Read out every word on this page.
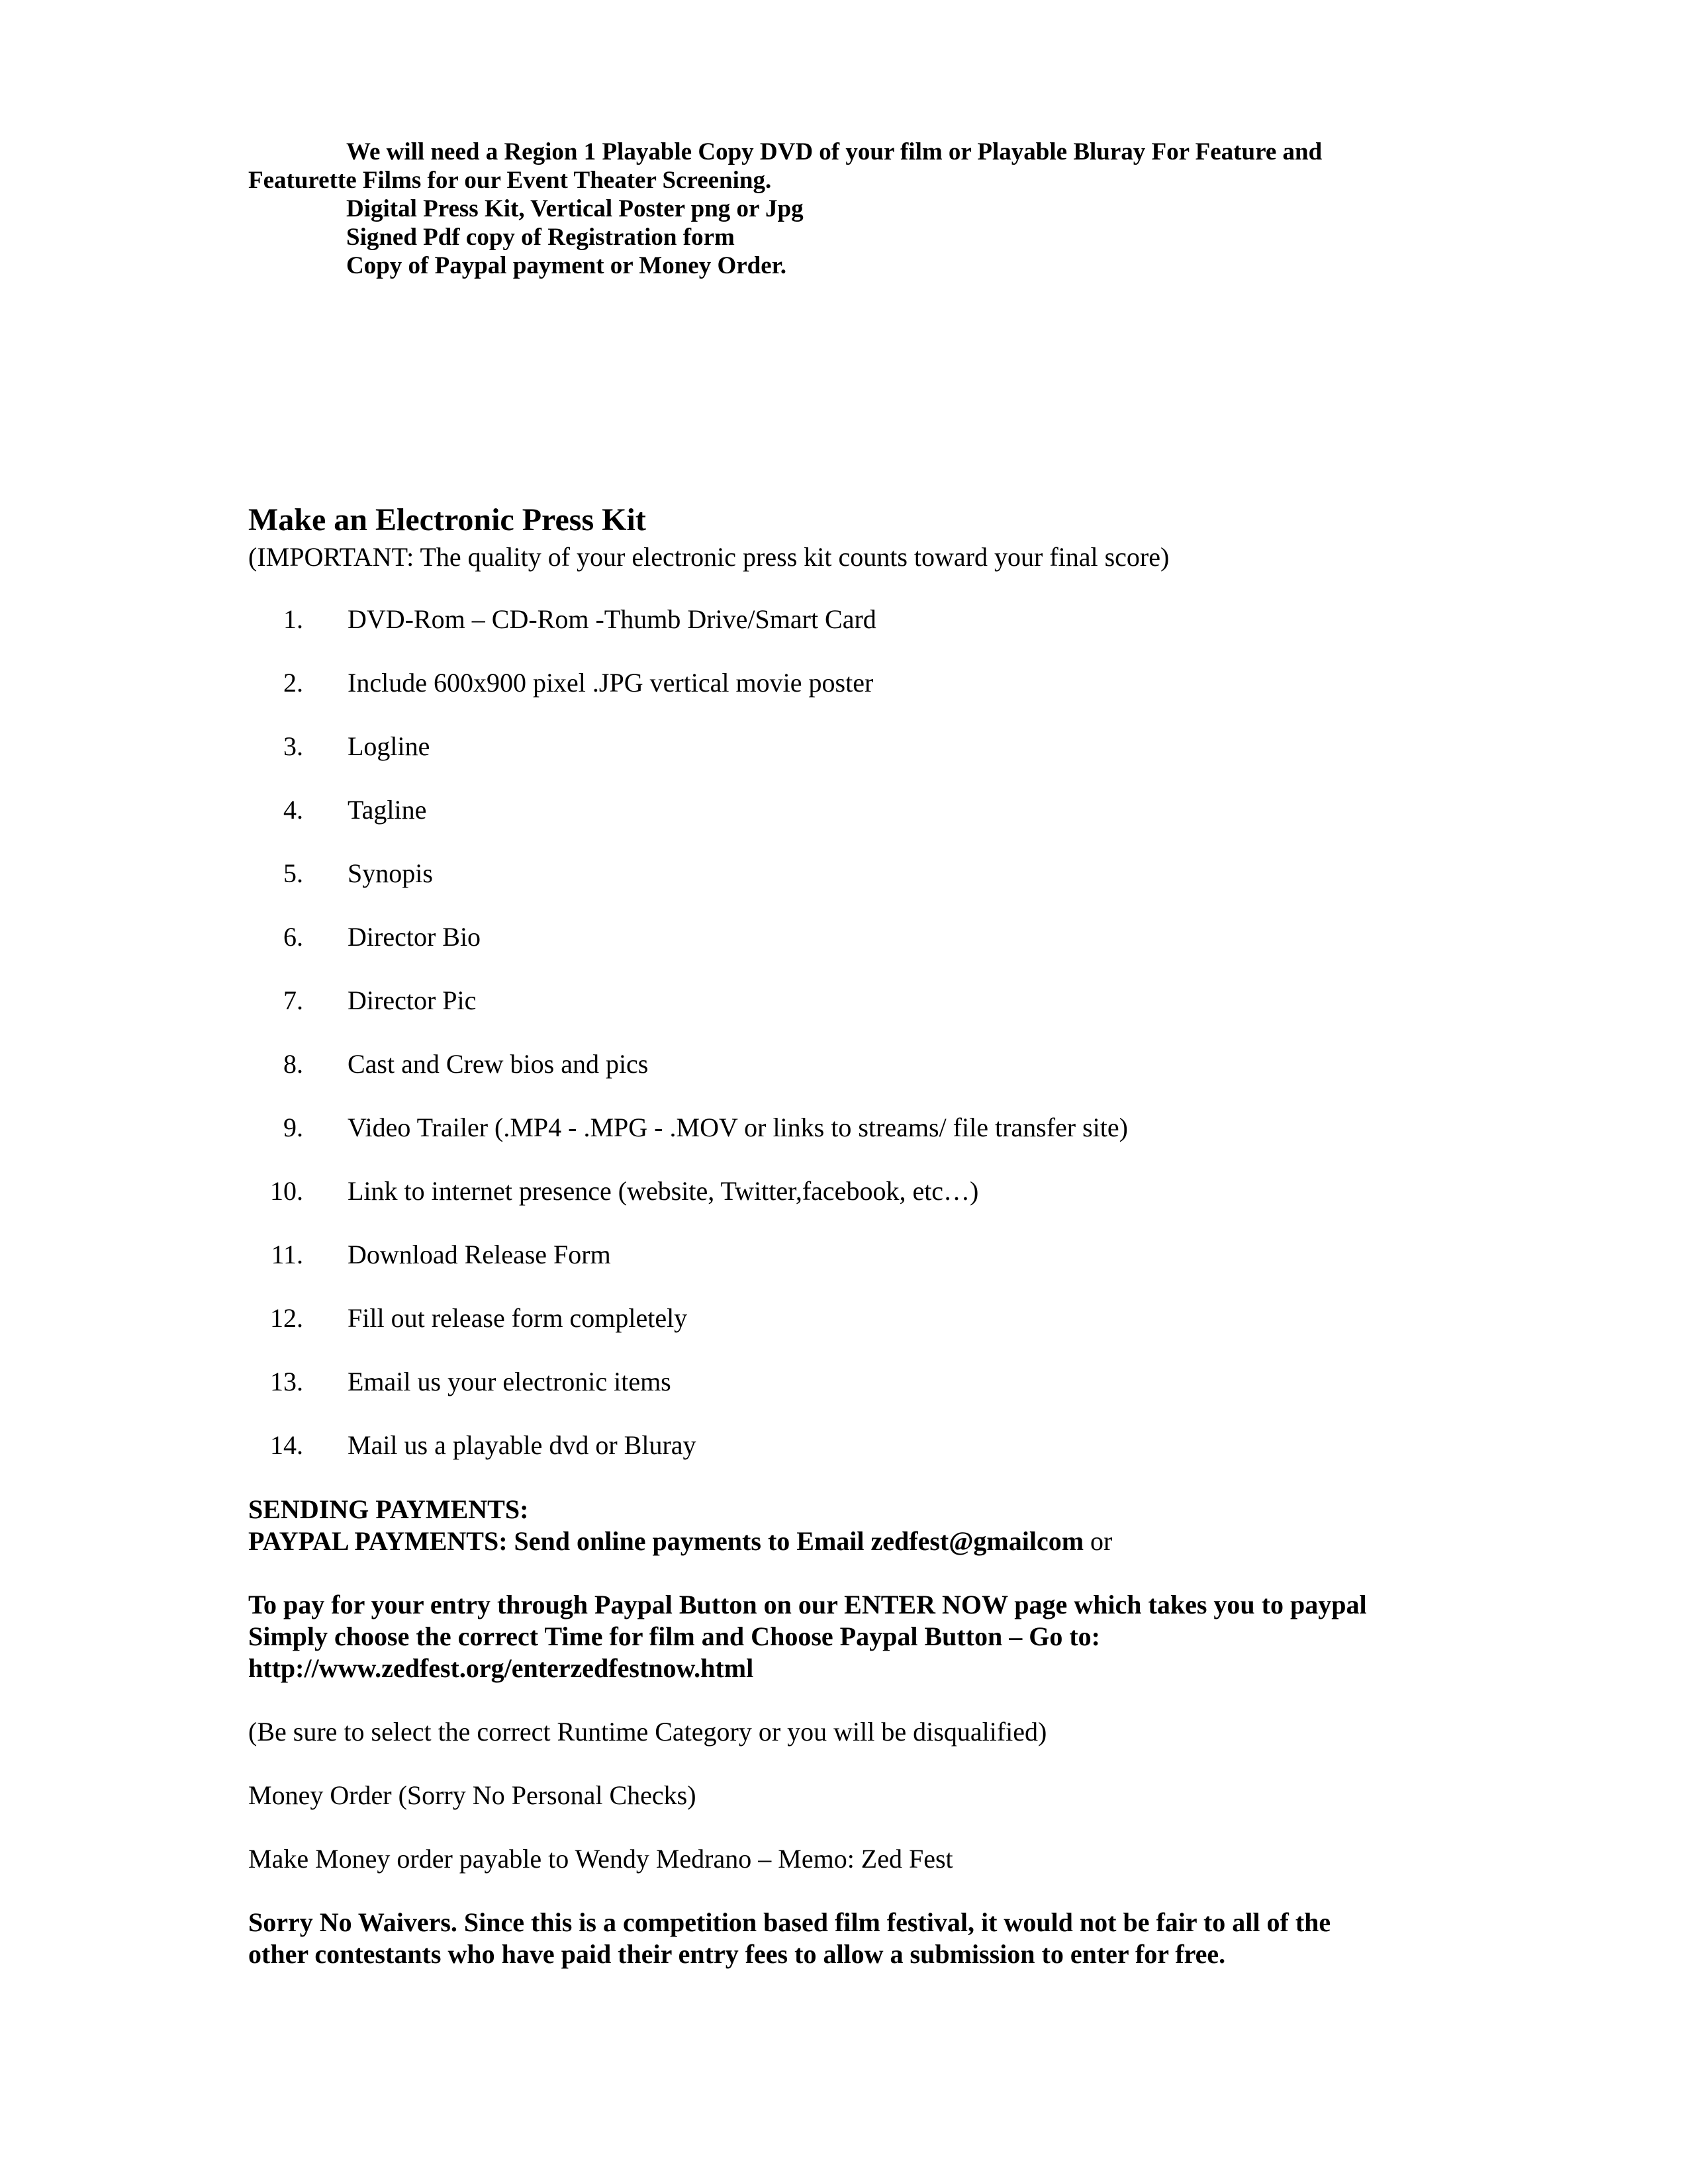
We will need a Region 1 Playable Copy DVD of your film or Playable Bluray For Feature and
Featurette Films for our Event Theater Screening.
Digital Press Kit, Vertical Poster png or Jpg
Signed Pdf copy of Registration form
Copy of Paypal payment or Money Order.
Make an Electronic Press Kit
(IMPORTANT: The quality of your electronic press kit counts toward your final score)
1. DVD-Rom – CD-Rom -Thumb Drive/Smart Card
2. Include 600x900 pixel .JPG vertical movie poster
3. Logline
4. Tagline
5. Synopis
6. Director Bio
7. Director Pic
8. Cast and Crew bios and pics
9. Video Trailer (.MP4 - .MPG - .MOV or links to streams/ file transfer site)
10. Link to internet presence (website, Twitter,facebook, etc…)
11. Download Release Form
12. Fill out release form completely
13. Email us your electronic items
14. Mail us a playable dvd or Bluray

SENDING PAYMENTS:

PAYPAL PAYMENTS: Send online payments to Email zedfest@gmailcom or

To pay for your entry through Paypal Button on our ENTER NOW page which takes you to paypal

Simply choose the correct Time for film and Choose Paypal Button – Go to:

http://www.zedfest.org/enterzedfestnow.html

(Be sure to select the correct Runtime Category or you will be disqualified)

Money Order (Sorry No Personal Checks)

Make Money order payable to Wendy Medrano – Memo: Zed Fest

Sorry No Waivers. Since this is a competition based film festival, it would not be fair to all of the

other contestants who have paid their entry fees to allow a submission to enter for free.
